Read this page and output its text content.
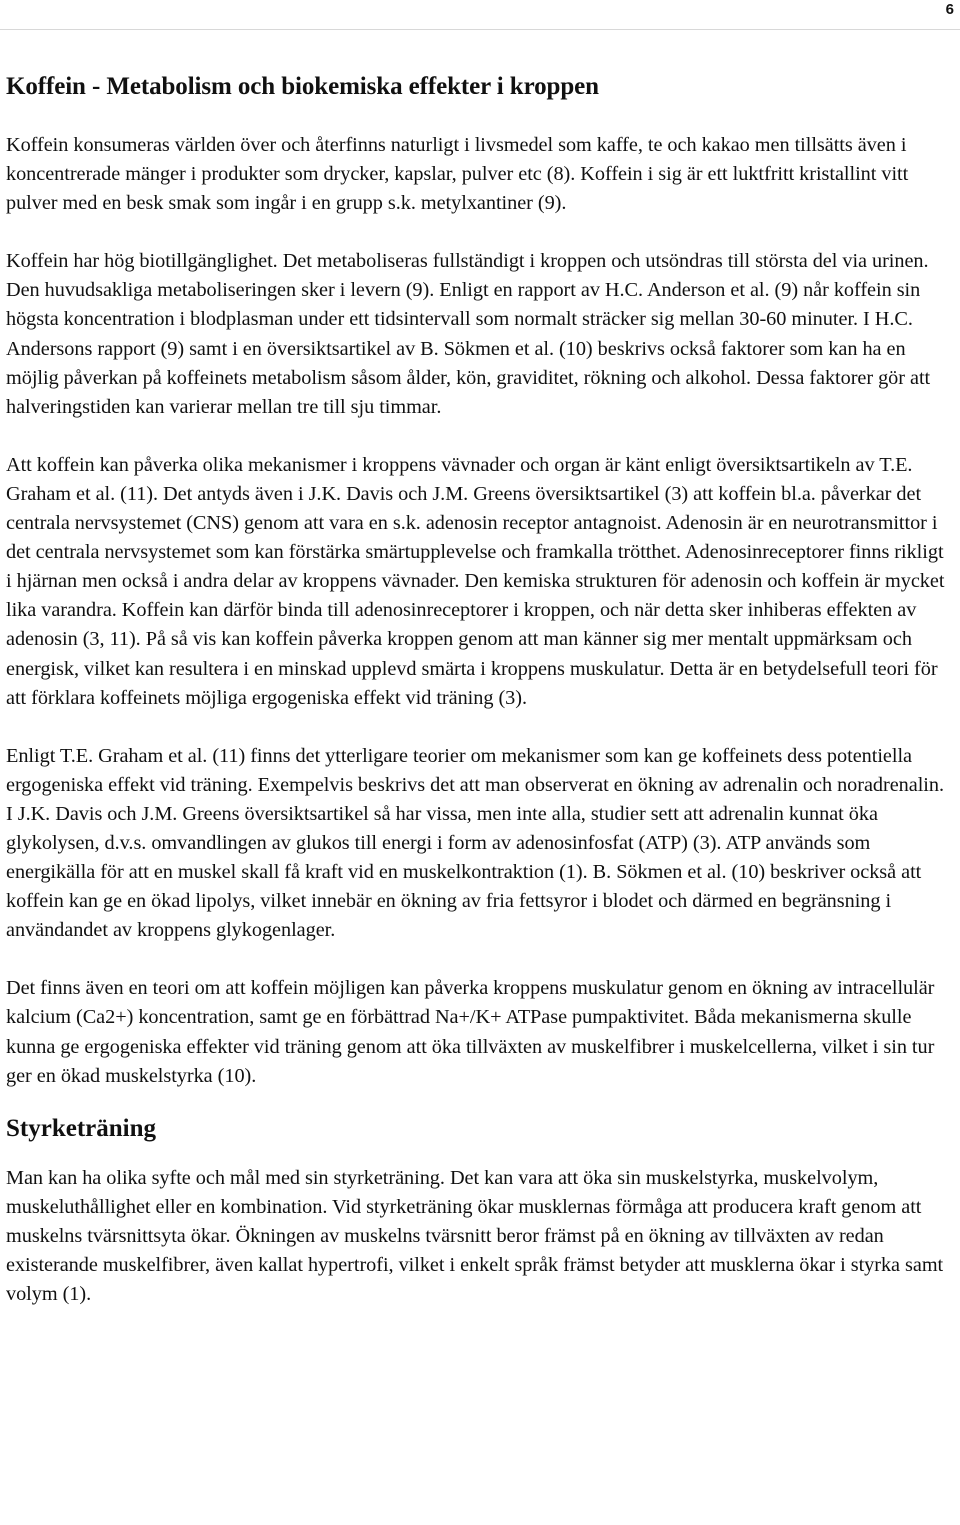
6
Koffein - Metabolism och biokemiska effekter i kroppen

Koffein konsumeras världen över och återfinns naturligt i livsmedel som kaffe, te och kakao men tillsätts även i koncentrerade mänger i produkter som drycker, kapslar, pulver etc (8). Koffein i sig är ett luktfritt kristallint vitt pulver med en besk smak som ingår i en grupp s.k. metylxantiner (9).

Koffein har hög biotillgänglighet. Det metaboliseras fullständigt i kroppen och utsöndras till största del via urinen. Den huvudsakliga metaboliseringen sker i levern (9). Enligt en rapport av H.C. Anderson et al. (9) når koffein sin högsta koncentration i blodplasman under ett tidsintervall som normalt sträcker sig mellan 30-60 minuter. I H.C. Andersons rapport (9) samt i en översiktsartikel av B. Sökmen et al. (10) beskrivs också faktorer som kan ha en möjlig påverkan på koffeinets metabolism såsom ålder, kön, graviditet, rökning och alkohol. Dessa faktorer gör att halveringstiden kan varierar mellan tre till sju timmar.

Att koffein kan påverka olika mekanismer i kroppens vävnader och organ är känt enligt översiktsartikeln av T.E. Graham et al. (11). Det antyds även i J.K. Davis och J.M. Greens översiktsartikel (3) att koffein bl.a. påverkar det centrala nervsystemet (CNS) genom att vara en s.k. adenosin receptor antagnoist. Adenosin är en neurotransmittor i det centrala nervsystemet som kan förstärka smärtupplevelse och framkalla trötthet. Adenosinreceptorer finns rikligt i hjärnan men också i andra delar av kroppens vävnader. Den kemiska strukturen för adenosin och koffein är mycket lika varandra. Koffein kan därför binda till adenosinreceptorer i kroppen, och när detta sker inhiberas effekten av adenosin (3, 11). På så vis kan koffein påverka kroppen genom att man känner sig mer mentalt uppmärksam och energisk, vilket kan resultera i en minskad upplevd smärta i kroppens muskulatur. Detta är en betydelsefull teori för att förklara koffeinets möjliga ergogeniska effekt vid träning (3).

Enligt T.E. Graham et al. (11) finns det ytterligare teorier om mekanismer som kan ge koffeinets dess potentiella ergogeniska effekt vid träning. Exempelvis beskrivs det att man observerat en ökning av adrenalin och noradrenalin. I J.K. Davis och J.M. Greens översiktsartikel så har vissa, men inte alla, studier sett att adrenalin kunnat öka glykolysen, d.v.s. omvandlingen av glukos till energi i form av adenosinfosfat (ATP) (3). ATP används som energikälla för att en muskel skall få kraft vid en muskelkontraktion (1). B. Sökmen et al. (10) beskriver också att koffein kan ge en ökad lipolys, vilket innebär en ökning av fria fettsyror i blodet och därmed en begränsning i användandet av kroppens glykogenlager.

Det finns även en teori om att koffein möjligen kan påverka kroppens muskulatur genom en ökning av intracellulär kalcium (Ca2+) koncentration, samt ge en förbättrad Na+/K+ ATPase pumpaktivitet. Båda mekanismerna skulle kunna ge ergogeniska effekter vid träning genom att öka tillväxten av muskelfibrer i muskelcellerna, vilket i sin tur ger en ökad muskelstyrka (10).

Styrketräning

Man kan ha olika syfte och mål med sin styrketräning. Det kan vara att öka sin muskelstyrka, muskelvolym, muskeluthållighet eller en kombination. Vid styrketräning ökar musklernas förmåga att producera kraft genom att muskelns tvärsnittsyta ökar. Ökningen av muskelns tvärsnitt beror främst på en ökning av tillväxten av redan existerande muskelfibrer, även kallat hypertrofi, vilket i enkelt språk främst betyder att musklerna ökar i styrka samt volym (1).
